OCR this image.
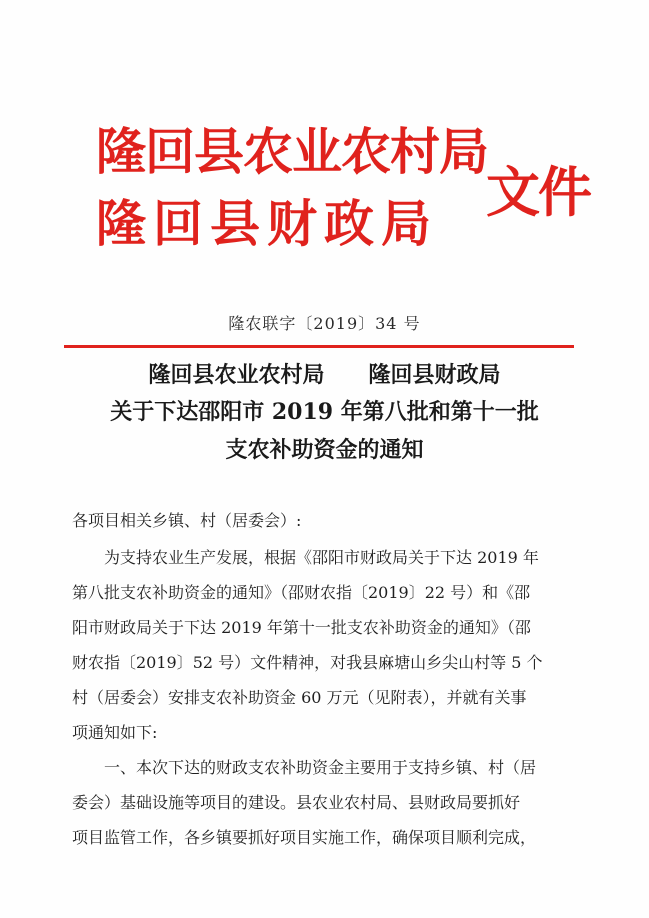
隆回县农业农村局
隆回县财政局 文件
隆农联字〔2019〕34 号
隆回县农业农村局 隆回县财政局
关于下达邵阳市 2019 年第八批和第十一批
支农补助资金的通知
各项目相关乡镇、村（居委会）:
　　为支持农业生产发展，根据《邵阳市财政局关于下达 2019 年
第八批支农补助资金的通知》（邵财农指〔2019〕22 号）和《邵
阳市财政局关于下达 2019 年第十一批支农补助资金的通知》（邵
财农指〔2019〕52 号）文件精神，对我县麻塘山乡尖山村等 5 个
村（居委会）安排支农补助资金 60 万元（见附表），并就有关事
项通知如下:
　　一、本次下达的财政支农补助资金主要用于支持乡镇、村（居
委会）基础设施等项目的建设。县农业农村局、县财政局要抓好
项目监管工作，各乡镇要抓好项目实施工作，确保项目顺利完成，
